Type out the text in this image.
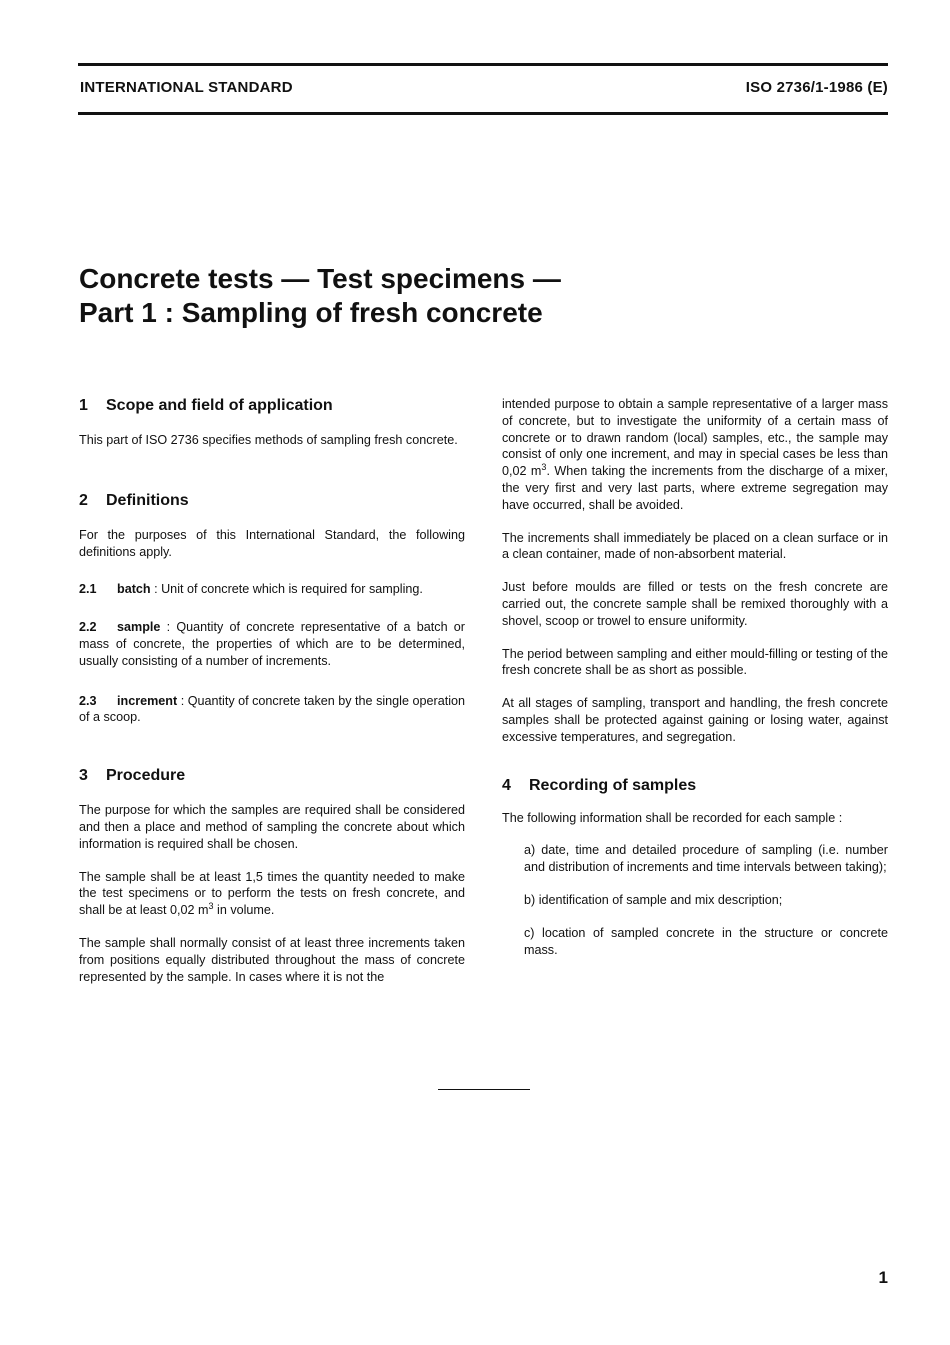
INTERNATIONAL STANDARD	ISO 2736/1-1986 (E)
Concrete tests — Test specimens —
Part 1 : Sampling of fresh concrete
1 Scope and field of application

This part of ISO 2736 specifies methods of sampling fresh concrete.

2 Definitions

For the purposes of this International Standard, the following definitions apply.

2.1 batch : Unit of concrete which is required for sampling.

2.2 sample : Quantity of concrete representative of a batch or mass of concrete, the properties of which are to be determined, usually consisting of a number of increments.

2.3 increment : Quantity of concrete taken by the single operation of a scoop.

3 Procedure

The purpose for which the samples are required shall be considered and then a place and method of sampling the concrete about which information is required shall be chosen.

The sample shall be at least 1,5 times the quantity needed to make the test specimens or to perform the tests on fresh concrete, and shall be at least 0,02 $m^3$ in volume.

The sample shall normally consist of at least three increments taken from positions equally distributed throughout the mass of concrete represented by the sample. In cases where it is not the

intended purpose to obtain a sample representative of a larger mass of concrete, but to investigate the uniformity of a certain mass of concrete or to drawn random (local) samples, etc., the sample may consist of only one increment, and may in special cases be less than 0,02 $m^3$. When taking the increments from the discharge of a mixer, the very first and very last parts, where extreme segregation may have occurred, shall be avoided.

The increments shall immediately be placed on a clean surface or in a clean container, made of non-absorbent material.

Just before moulds are filled or tests on the fresh concrete are carried out, the concrete sample shall be remixed thoroughly with a shovel, scoop or trowel to ensure uniformity.

The period between sampling and either mould-filling or testing of the fresh concrete shall be as short as possible.

At all stages of sampling, transport and handling, the fresh concrete samples shall be protected against gaining or losing water, against excessive temperatures, and segregation.

4 Recording of samples

The following information shall be recorded for each sample :

a) date, time and detailed procedure of sampling (i.e. number and distribution of increments and time intervals between taking);

b) identification of sample and mix description;

c) location of sampled concrete in the structure or concrete mass.

1
